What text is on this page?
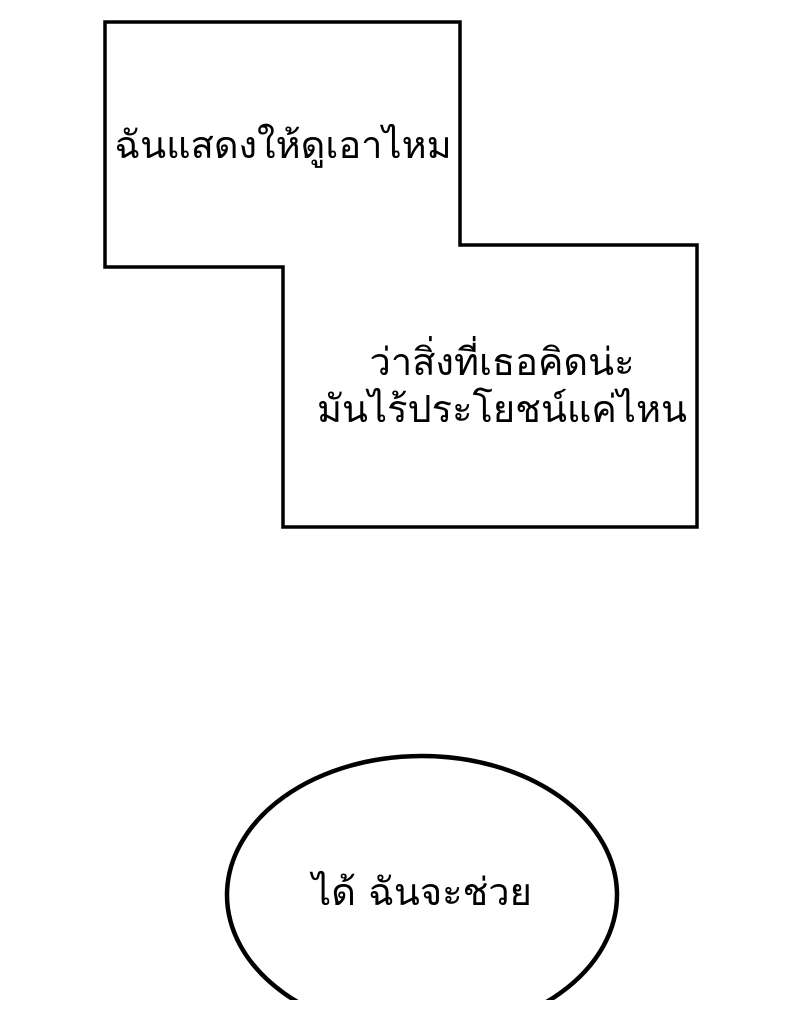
ฉันแสดงให้ดูเอาไหม
ว่าสิ่งที่เธอคิดน่ะ
มันไร้ประโยชน์แค่ไหน
ได้ ฉันจะช่วย
